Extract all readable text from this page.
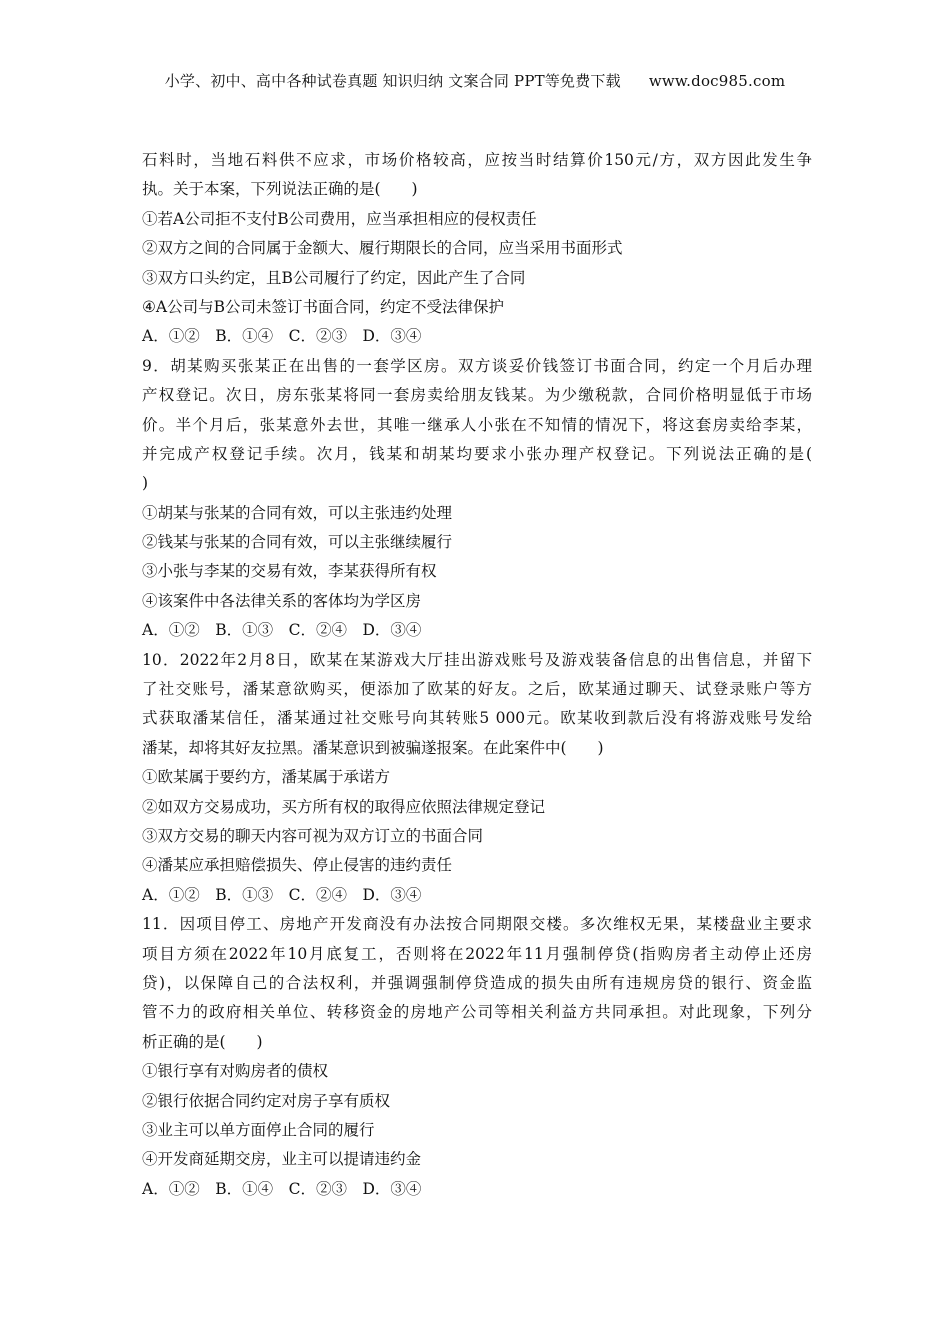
小学、初中、高中各种试卷真题 知识归纳 文案合同 PPT等免费下载 www.doc985.com
石料时，当地石料供不应求，市场价格较高，应按当时结算价150元/方，双方因此发生争
执。关于本案，下列说法正确的是(　　)
①若A公司拒不支付B公司费用，应当承担相应的侵权责任
②双方之间的合同属于金额大、履行期限长的合同，应当采用书面形式
③双方口头约定，且B公司履行了约定，因此产生了合同
④A公司与B公司未签订书面合同，约定不受法律保护
A．①②　B．①④　C．②③　D．③④
9．胡某购买张某正在出售的一套学区房。双方谈妥价钱签订书面合同，约定一个月后办理
产权登记。次日，房东张某将同一套房卖给朋友钱某。为少缴税款，合同价格明显低于市场
价。半个月后，张某意外去世，其唯一继承人小张在不知情的情况下，将这套房卖给李某，
并完成产权登记手续。次月，钱某和胡某均要求小张办理产权登记。下列说法正确的是(
)
①胡某与张某的合同有效，可以主张违约处理
②钱某与张某的合同有效，可以主张继续履行
③小张与李某的交易有效，李某获得所有权
④该案件中各法律关系的客体均为学区房
A．①②　B．①③　C．②④　D．③④
10．2022年2月8日，欧某在某游戏大厅挂出游戏账号及游戏装备信息的出售信息，并留下
了社交账号，潘某意欲购买，便添加了欧某的好友。之后，欧某通过聊天、试登录账户等方
式获取潘某信任，潘某通过社交账号向其转账5 000元。欧某收到款后没有将游戏账号发给
潘某，却将其好友拉黑。潘某意识到被骗遂报案。在此案件中(　　)
①欧某属于要约方，潘某属于承诺方
②如双方交易成功，买方所有权的取得应依照法律规定登记
③双方交易的聊天内容可视为双方订立的书面合同
④潘某应承担赔偿损失、停止侵害的违约责任
A．①②　B．①③　C．②④　D．③④
11．因项目停工、房地产开发商没有办法按合同期限交楼。多次维权无果，某楼盘业主要求
项目方须在2022年10月底复工，否则将在2022年11月强制停贷(指购房者主动停止还房
贷)，以保障自己的合法权利，并强调强制停贷造成的损失由所有违规房贷的银行、资金监
管不力的政府相关单位、转移资金的房地产公司等相关利益方共同承担。对此现象，下列分
析正确的是(　　)
①银行享有对购房者的债权
②银行依据合同约定对房子享有质权
③业主可以单方面停止合同的履行
④开发商延期交房，业主可以提请违约金
A．①②　B．①④　C．②③　D．③④
